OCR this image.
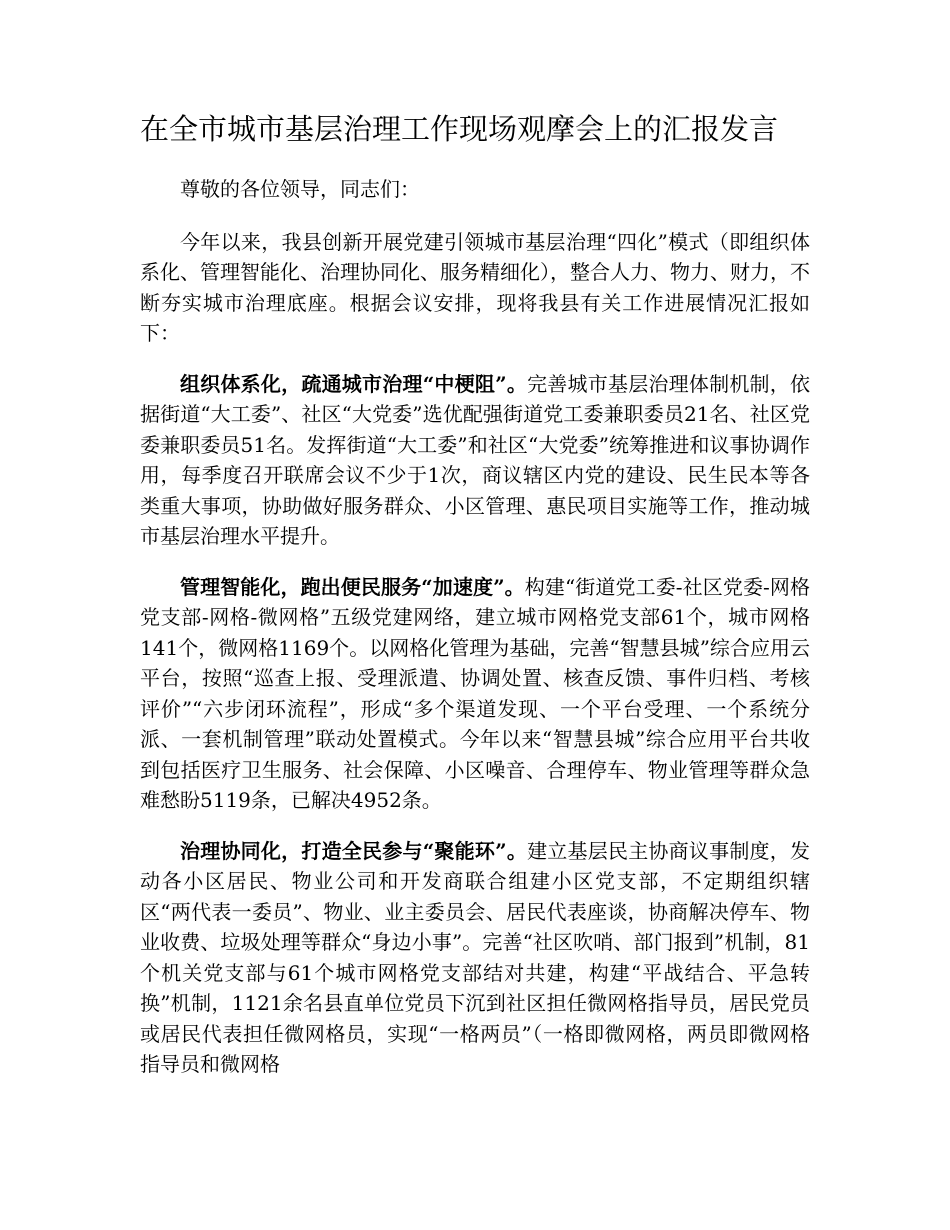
在全市城市基层治理工作现场观摩会上的汇报发言

尊敬的各位领导，同志们：

今年以来，我县创新开展党建引领城市基层治理“四化”模式（即组织体系化、管理智能化、治理协同化、服务精细化），整合人力、物力、财力，不断夯实城市治理底座。根据会议安排，现将我县有关工作进展情况汇报如下：

组织体系化，疏通城市治理“中梗阻”。完善城市基层治理体制机制，依据街道“大工委”、社区“大党委”选优配强街道党工委兼职委员21名、社区党委兼职委员51名。发挥街道“大工委”和社区“大党委”统筹推进和议事协调作用，每季度召开联席会议不少于1次，商议辖区内党的建设、民生民本等各类重大事项，协助做好服务群众、小区管理、惠民项目实施等工作，推动城市基层治理水平提升。

管理智能化，跑出便民服务“加速度”。构建“街道党工委-社区党委-网格党支部-网格-微网格”五级党建网络，建立城市网格党支部61个，城市网格141个，微网格1169个。以网格化管理为基础，完善“智慧县城”综合应用云平台，按照“巡查上报、受理派遣、协调处置、核查反馈、事件归档、考核评价”“六步闭环流程”，形成“多个渠道发现、一个平台受理、一个系统分派、一套机制管理”联动处置模式。今年以来“智慧县城”综合应用平台共收到包括医疗卫生服务、社会保障、小区噪音、合理停车、物业管理等群众急难愁盼5119条，已解决4952条。

治理协同化，打造全民参与“聚能环”。建立基层民主协商议事制度，发动各小区居民、物业公司和开发商联合组建小区党支部，不定期组织辖区“两代表一委员”、物业、业主委员会、居民代表座谈，协商解决停车、物业收费、垃圾处理等群众“身边小事”。完善“社区吹哨、部门报到”机制，81个机关党支部与61个城市网格党支部结对共建，构建“平战结合、平急转换”机制，1121余名县直单位党员下沉到社区担任微网格指导员，居民党员或居民代表担任微网格员，实现“一格两员”（一格即微网格，两员即微网格指导员和微网格
